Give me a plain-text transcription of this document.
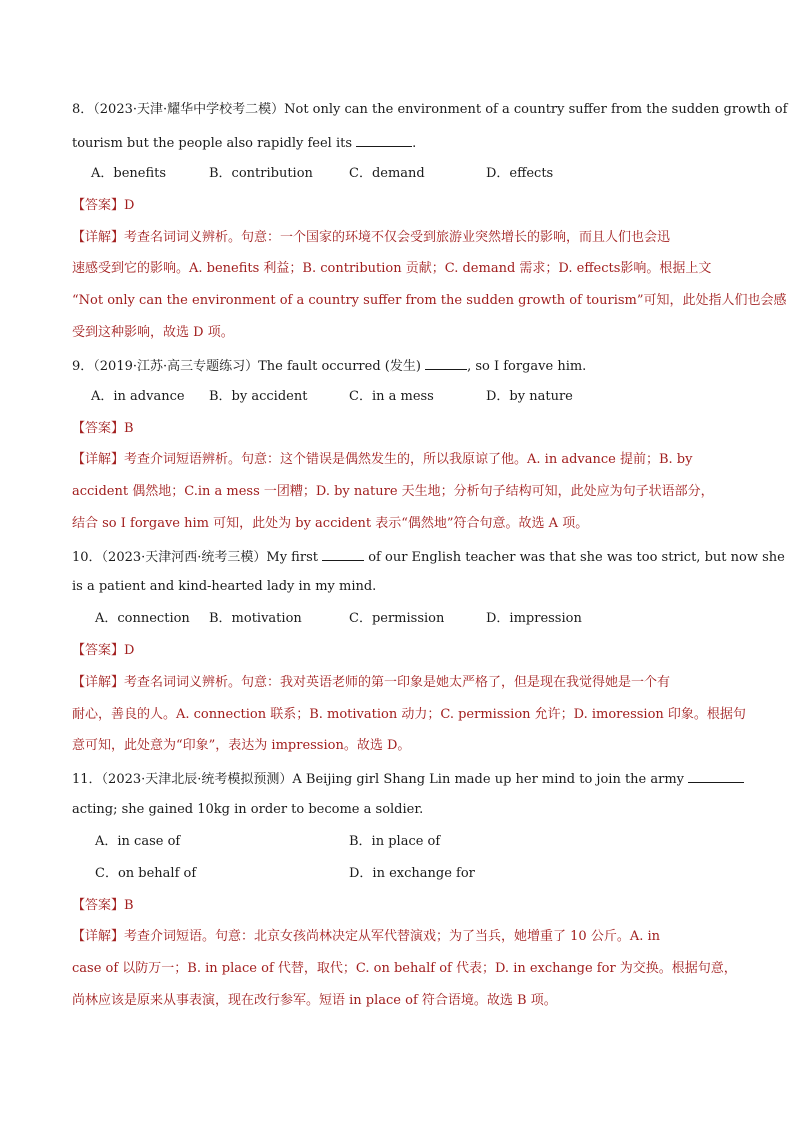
8．（2023·天津·耀华中学校考二模）Not only can the environment of a country suffer from the sudden growth of
tourism but the people also rapidly feel its	.
A．benefits	B．contribution	C．demand	D．effects
【答案】D
【详解】考查名词词义辨析。句意：一个国家的环境不仅会受到旅游业突然增长的影响，而且人们也会迅
速感受到它的影响。A. benefits 利益；B. contribution 贡献；C. demand 需求；D. effects影响。根据上文
“Not only can the environment of a country suffer from the sudden growth of tourism”可知，此处指人们也会感
受到这种影响，故选 D 项。
9．（2019·江苏·高三专题练习）The fault occurred (发生)	, so I forgave him.
A．in advance B．by accident	C．in a mess	D．by nature
【答案】B
【详解】考查介词短语辨析。句意：这个错误是偶然发生的，所以我原谅了他。A. in advance 提前；B. by
accident 偶然地；C.in a mess 一团糟；D. by nature 天生地；分析句子结构可知，此处应为句子状语部分，
结合 so I forgave him 可知，此处为 by accident 表示“偶然地”符合句意。故选 A 项。
10．（2023·天津河西·统考三模）My first	of our English teacher was that she was too strict, but now she
is a patient and kind-hearted lady in my mind.
A．connection B．motivation	C．permission	D．impression
【答案】D
【详解】考查名词词义辨析。句意：我对英语老师的第一印象是她太严格了，但是现在我觉得她是一个有
耐心，善良的人。A. connection 联系；B. motivation 动力；C. permission 允许；D. imoression 印象。根据句
意可知，此处意为“印象”，表达为 impression。故选 D。
11．（2023·天津北辰·统考模拟预测）A Beijing girl Shang Lin made up her mind to join the army
acting; she gained 10kg in order to become a soldier.
A．in case of	B．in place of
C．on behalf of	D．in exchange for
【答案】B
【详解】考查介词短语。句意：北京女孩尚林决定从军代替演戏；为了当兵，她增重了 10 公斤。A. in
case of 以防万一；B. in place of 代替，取代；C. on behalf of 代表；D. in exchange for 为交换。根据句意，
尚林应该是原来从事表演，现在改行参军。短语 in place of 符合语境。故选 B 项。
